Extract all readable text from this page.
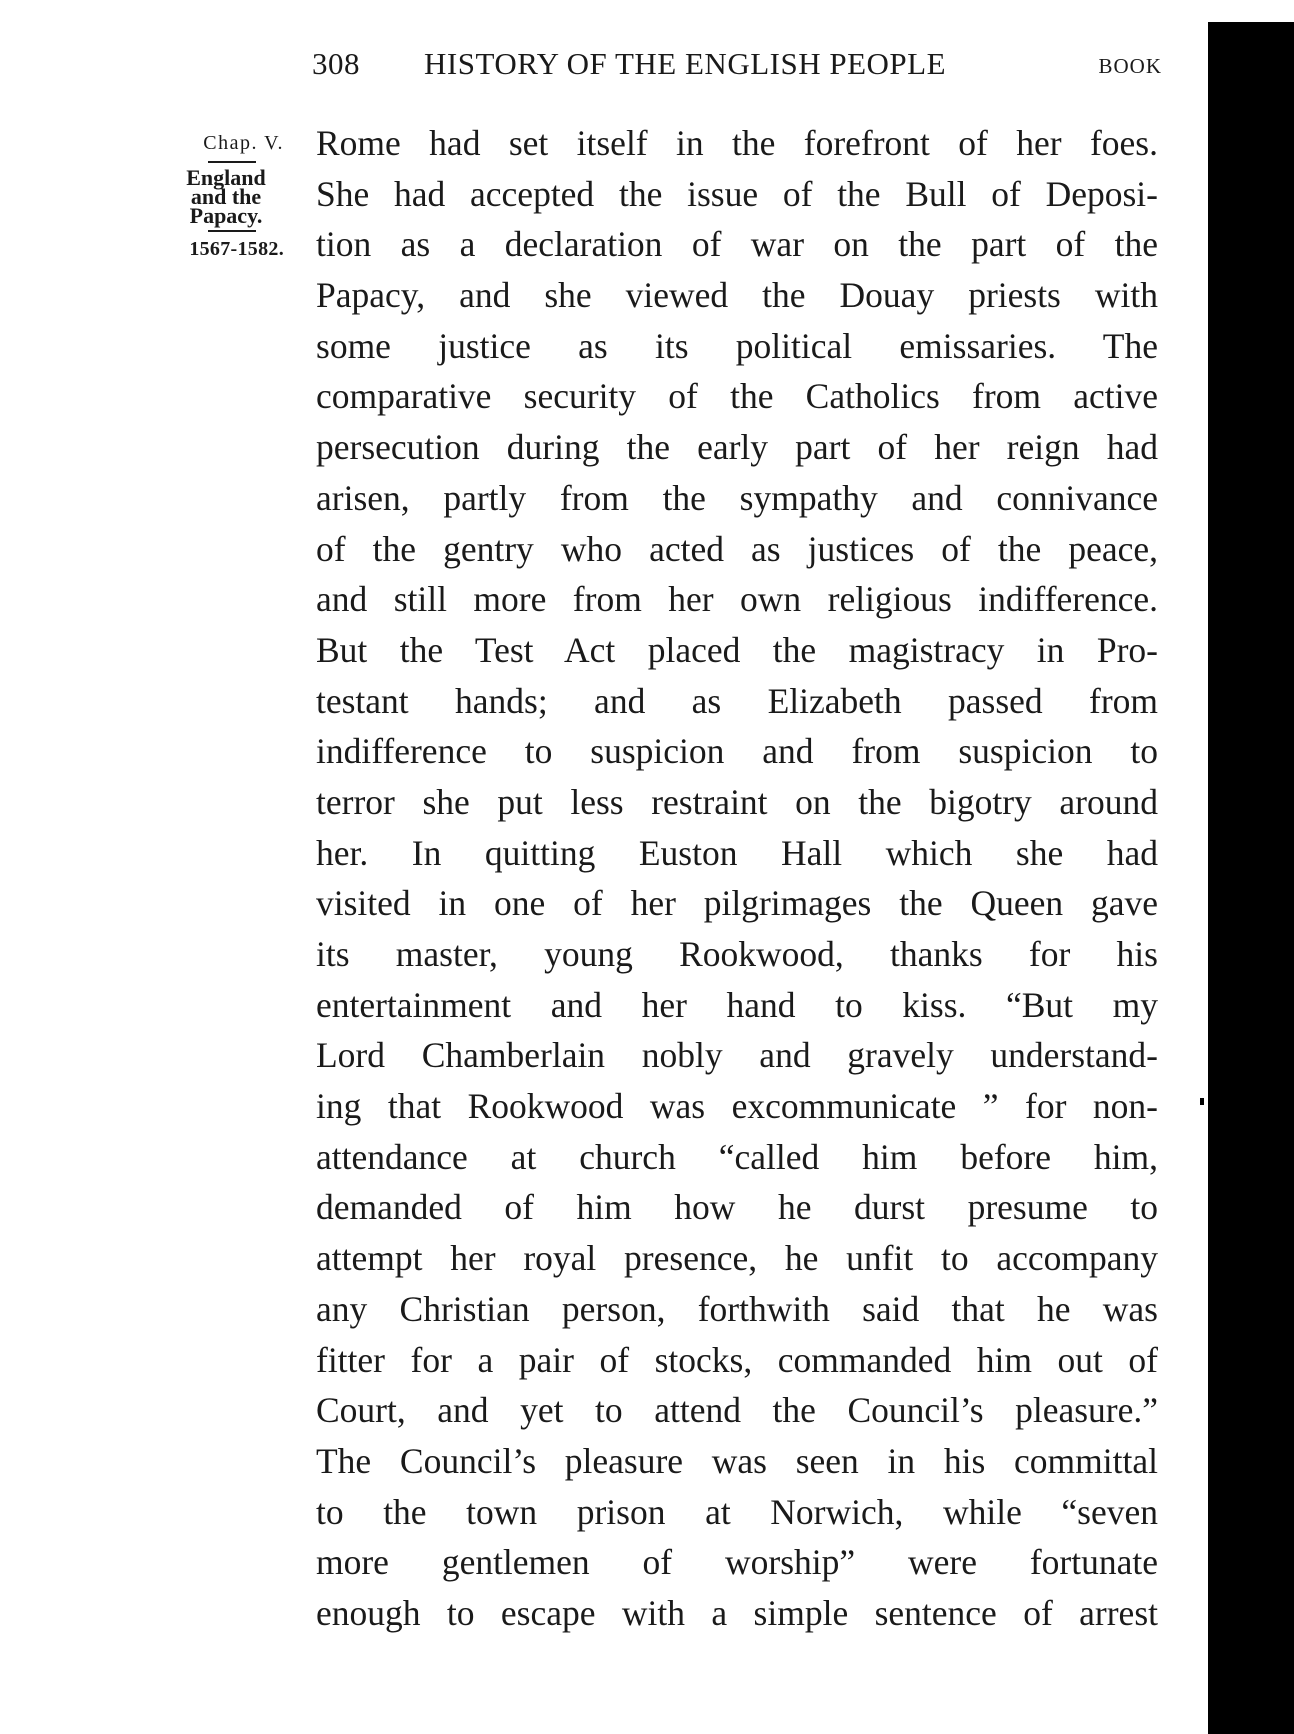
308 HISTORY OF THE ENGLISH PEOPLE	BOOK
Chap. V.
England
and the
Papacy.
1567-1582.
Rome had set itself in the forefront of her foes.
She had accepted the issue of the Bull of Deposi-
tion as a declaration of war on the part of the
Papacy, and she viewed the Douay priests with
some justice as its political emissaries. The
comparative security of the Catholics from active
persecution during the early part of her reign had
arisen, partly from the sympathy and connivance
of the gentry who acted as justices of the peace,
and still more from her own religious indifference.
But the Test Act placed the magistracy in Pro-
testant hands; and as Elizabeth passed from
indifference to suspicion and from suspicion to
terror she put less restraint on the bigotry around
her. In quitting Euston Hall which she had
visited in one of her pilgrimages the Queen gave
its master, young Rookwood, thanks for his
entertainment and her hand to kiss. “But my
Lord Chamberlain nobly and gravely understand-
ing that Rookwood was excommunicate ” for non-
attendance at church “called him before him,
demanded of him how he durst presume to
attempt her royal presence, he unfit to accompany
any Christian person, forthwith said that he was
fitter for a pair of stocks, commanded him out of
Court, and yet to attend the Council’s pleasure.”
The Council’s pleasure was seen in his committal
to the town prison at Norwich, while “seven
more gentlemen of worship” were fortunate
enough to escape with a simple sentence of arrest
